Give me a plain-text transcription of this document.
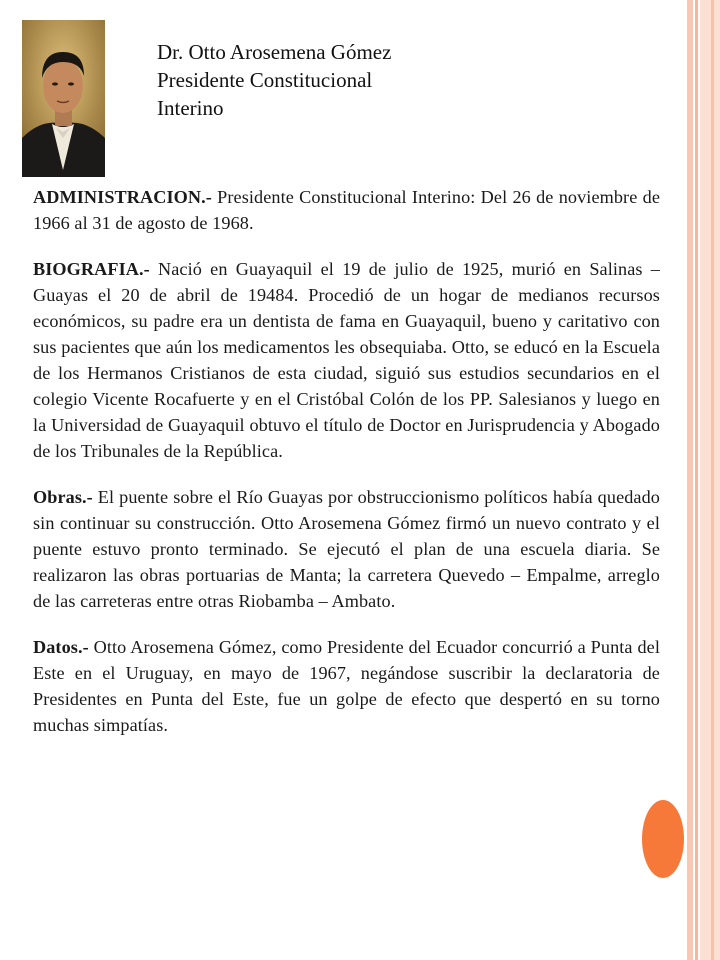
Dr. Otto Arosemena Gómez
Presidente Constitucional
Interino

ADMINISTRACION.- Presidente Constitucional Interino: Del 26 de noviembre de 1966 al 31 de agosto de 1968.

BIOGRAFIA.- Nació en Guayaquil el 19 de julio de 1925, murió en Salinas – Guayas el 20 de abril de 19484. Procedió de un hogar de medianos recursos económicos, su padre era un dentista de fama en Guayaquil, bueno y caritativo con sus pacientes que aún los medicamentos les obsequiaba. Otto, se educó en la Escuela de los Hermanos Cristianos de esta ciudad, siguió sus estudios secundarios en el colegio Vicente Rocafuerte y en el Cristóbal Colón de los PP. Salesianos y luego en la Universidad de Guayaquil obtuvo el título de Doctor en Jurisprudencia y Abogado de los Tribunales de la República.

Obras.- El puente sobre el Río Guayas por obstruccionismo políticos había quedado sin continuar su construcción. Otto Arosemena Gómez firmó un nuevo contrato y el puente estuvo pronto terminado. Se ejecutó el plan de una escuela diaria. Se realizaron las obras portuarias de Manta; la carretera Quevedo – Empalme, arreglo de las carreteras entre otras Riobamba – Ambato.

Datos.- Otto Arosemena Gómez, como Presidente del Ecuador concurrió a Punta del Este en el Uruguay, en mayo de 1967, negándose suscribir la declaratoria de Presidentes en Punta del Este, fue un golpe de efecto que despertó en su torno muchas simpatías.
